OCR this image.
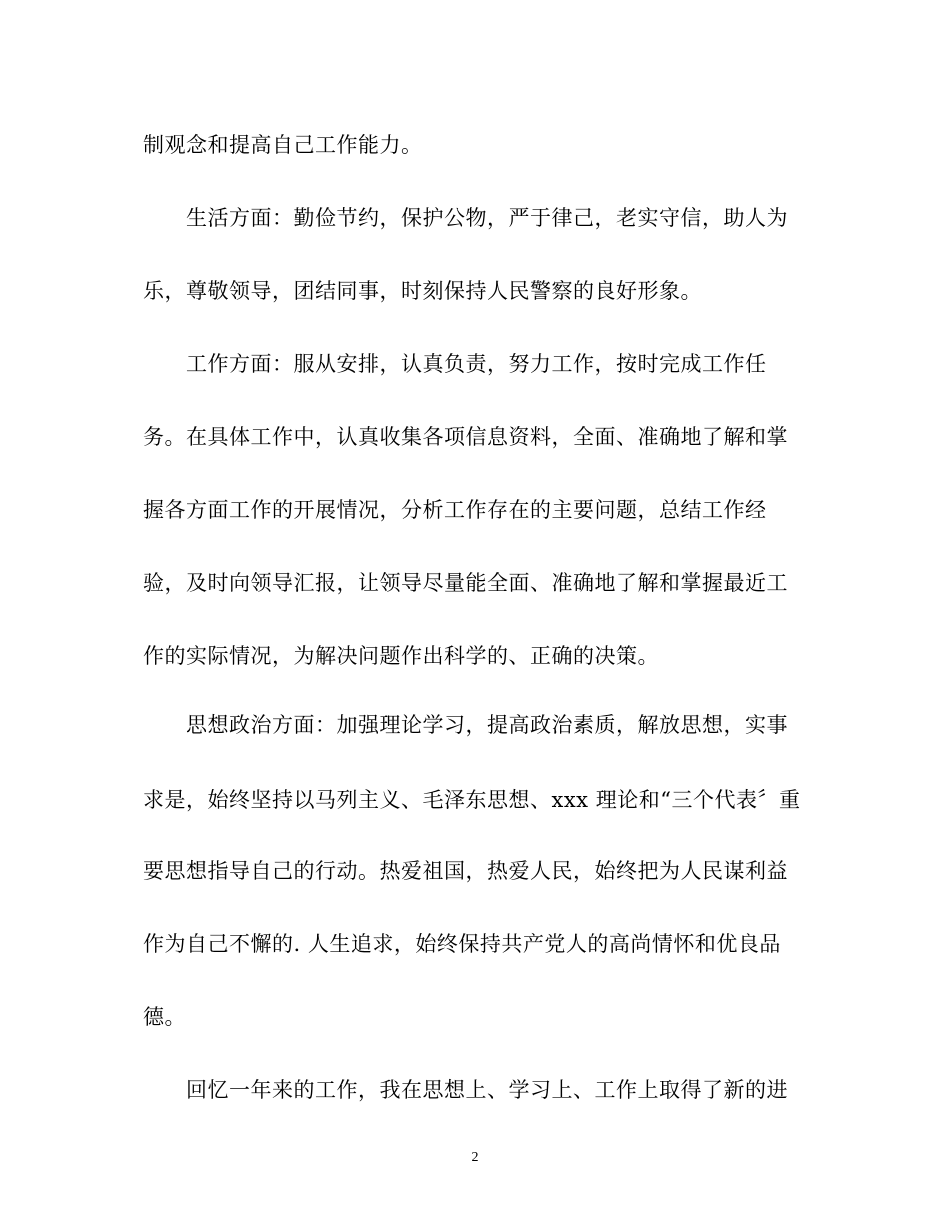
制观念和提高自己工作能力。
生活方面：勤俭节约，保护公物，严于律己，老实守信，助人为
乐，尊敬领导，团结同事，时刻保持人民警察的良好形象。
工作方面：服从安排，认真负责，努力工作，按时完成工作任
务。在具体工作中，认真收集各项信息资料，全面、准确地了解和掌
握各方面工作的开展情况，分析工作存在的主要问题，总结工作经
验，及时向领导汇报，让领导尽量能全面、准确地了解和掌握最近工
作的实际情况，为解决问题作出科学的、正确的决策。
思想政治方面：加强理论学习，提高政治素质，解放思想，实事
求是，始终坚持以马列主义、毛泽东思想、xxx 理论和“三个代表〞重
要思想指导自己的行动。热爱祖国，热爱人民，始终把为人民谋利益
作为自己不懈的. 人生追求，始终保持共产党人的高尚情怀和优良品
德。
回忆一年来的工作，我在思想上、学习上、工作上取得了新的进
2
